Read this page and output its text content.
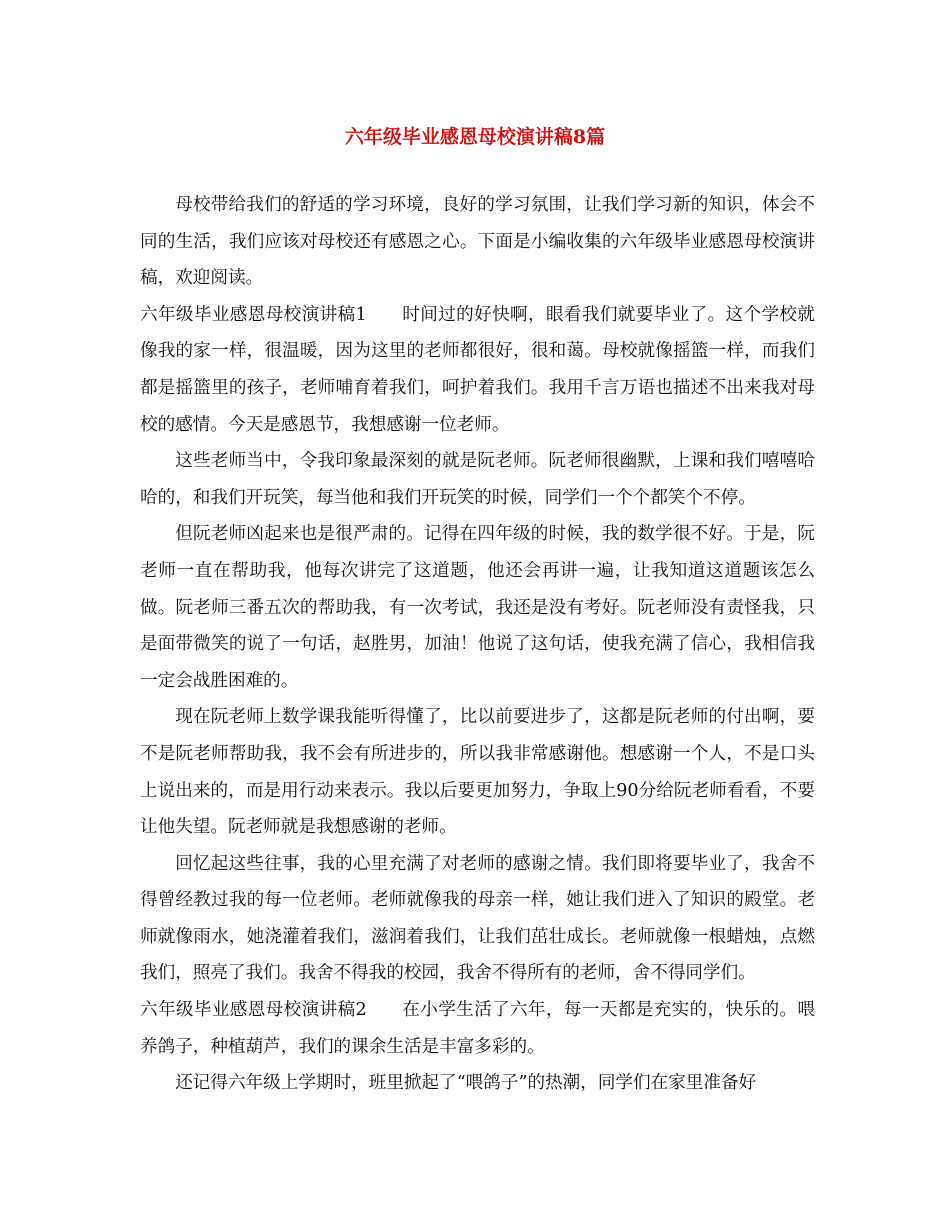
六年级毕业感恩母校演讲稿8篇

母校带给我们的舒适的学习环境，良好的学习氛围，让我们学习新的知识，体会不同的生活，我们应该对母校还有感恩之心。下面是小编收集的六年级毕业感恩母校演讲稿，欢迎阅读。

六年级毕业感恩母校演讲稿1 时间过的好快啊，眼看我们就要毕业了。这个学校就像我的家一样，很温暖，因为这里的老师都很好，很和蔼。母校就像摇篮一样，而我们都是摇篮里的孩子，老师哺育着我们，呵护着我们。我用千言万语也描述不出来我对母校的感情。今天是感恩节，我想感谢一位老师。

这些老师当中，令我印象最深刻的就是阮老师。阮老师很幽默，上课和我们嘻嘻哈哈的，和我们开玩笑，每当他和我们开玩笑的时候，同学们一个个都笑个不停。

但阮老师凶起来也是很严肃的。记得在四年级的时候，我的数学很不好。于是，阮老师一直在帮助我，他每次讲完了这道题，他还会再讲一遍，让我知道这道题该怎么做。阮老师三番五次的帮助我，有一次考试，我还是没有考好。阮老师没有责怪我，只是面带微笑的说了一句话，赵胜男，加油！他说了这句话，使我充满了信心，我相信我一定会战胜困难的。

现在阮老师上数学课我能听得懂了，比以前要进步了，这都是阮老师的付出啊，要不是阮老师帮助我，我不会有所进步的，所以我非常感谢他。想感谢一个人，不是口头上说出来的，而是用行动来表示。我以后要更加努力，争取上90分给阮老师看看，不要让他失望。阮老师就是我想感谢的老师。

回忆起这些往事，我的心里充满了对老师的感谢之情。我们即将要毕业了，我舍不得曾经教过我的每一位老师。老师就像我的母亲一样，她让我们进入了知识的殿堂。老师就像雨水，她浇灌着我们，滋润着我们，让我们茁壮成长。老师就像一根蜡烛，点燃我们，照亮了我们。我舍不得我的校园，我舍不得所有的老师，舍不得同学们。

六年级毕业感恩母校演讲稿2 在小学生活了六年，每一天都是充实的，快乐的。喂养鸽子，种植葫芦，我们的课余生活是丰富多彩的。

还记得六年级上学期时，班里掀起了“喂鸽子”的热潮，同学们在家里准备好
